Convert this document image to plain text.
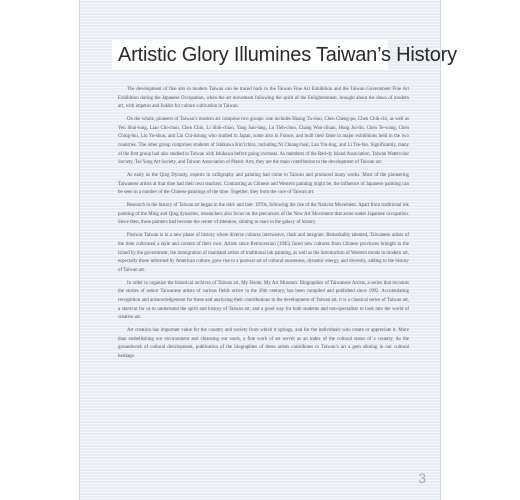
Artistic Glory Illumines Taiwan’s History

The development of fine arts in modern Taiwan can be traced back to the Taiwan Fine Art Exhibition and the Taiwan Government Fine Art Exhibition during the Japanese Occupation, when the art movement following the spirit of the Enlightenment, brought about the dawn of modern art, with impetus and fodder for culture cultivation in Taiwan.

On the whole, pioneers of Taiwan’s modern art comprise two groups: one includes Huang Tu-shui, Chen Cheng-po, Chen Chih-chi, as well as Yen Shui-long, Liao Chi-chun, Chen Chin, Li Shih-chiao, Yang San-lang, Lu Tieh-chou, Chang Wan-chuan, Hong Jui-lin, Chen Te-wang, Chen Ching-hui, Liu Yo-shun, and Lin Chi-hsiung who studied in Japan, some also in France, and built their fame in major exhibitions held in the two countries. The other group comprises students of Ishikawa Kin’ichiro, including Ni Chiang-huai, Lan Yin-ting, and Li Tse-fan. Significantly, many of the first group had also studied in Taiwan with Ishikawa before going overseas. As members of the Red-dy Island Association, Taiwan Watercolor Society, Tai-Yang Art Society, and Taiwan Association of Plastic Arts, they are the main contribution to the development of Taiwan art.

As early as the Qing Dynasty, experts in calligraphy and painting had come to Taiwan and produced many works. Most of the pioneering Taiwanese artists at that time had their own teachers. Contrasting as Chinese and Western painting might be, the influence of Japanese painting can be seen in a number of the Chinese paintings of the time. Together, they form the core of Taiwan art.

Research in the history of Taiwan art began in the mid- and late- 1970s, following the rise of the Nativist Movement. Apart from traditional ink painting of the Ming and Qing dynasties, researchers also focus on the precursors of the New Art Movement that arose under Japanese occupation. Since then, these painters had become the center of attention, shining as stars in the galaxy of history.

Postwar Taiwan is in a new phase of history where diverse cultures interweave, clash and integrate. Remarkably talented, Taiwanese artists of the time cultivated a style and content of their own. Artists since Retrocession (1945) faced new cultures from Chinese provinces brought to the island by the government, the immigration of mainland artists of traditional ink painting, as well as the introduction of Western trends in modern art, especially those informed by American culture, gave rise to a postwar art of cultural awareness, dynamic energy, and diversity, adding to the history of Taiwan art.

In order to organize the historical archives of Taiwan art, My Home, My Art Museum: Biographies of Taiwanese Artists, a series that recounts the stories of senior Taiwanese artists of various fields active in the 20th century, has been compiled and published since 1992. Accumulating recognition and acknowledgement for these and analyzing their contributions to the development of Taiwan art, it is a classical series of Taiwan art, a shortcut for us to understand the spirit and history of Taiwan art, and a good way for both students and non-specialists to look into the world of creative art.

Art creation has important value for the country and society from which it springs, and for the individuals who create or appreciate it. More than embellishing our environment and cleansing our souls, a fine work of art serves as an index of the cultural status of a country. As the groundwork of cultural development, publication of the biographies of these artists contributes to Taiwan’s art a gem shining in our cultural heritage.

3
